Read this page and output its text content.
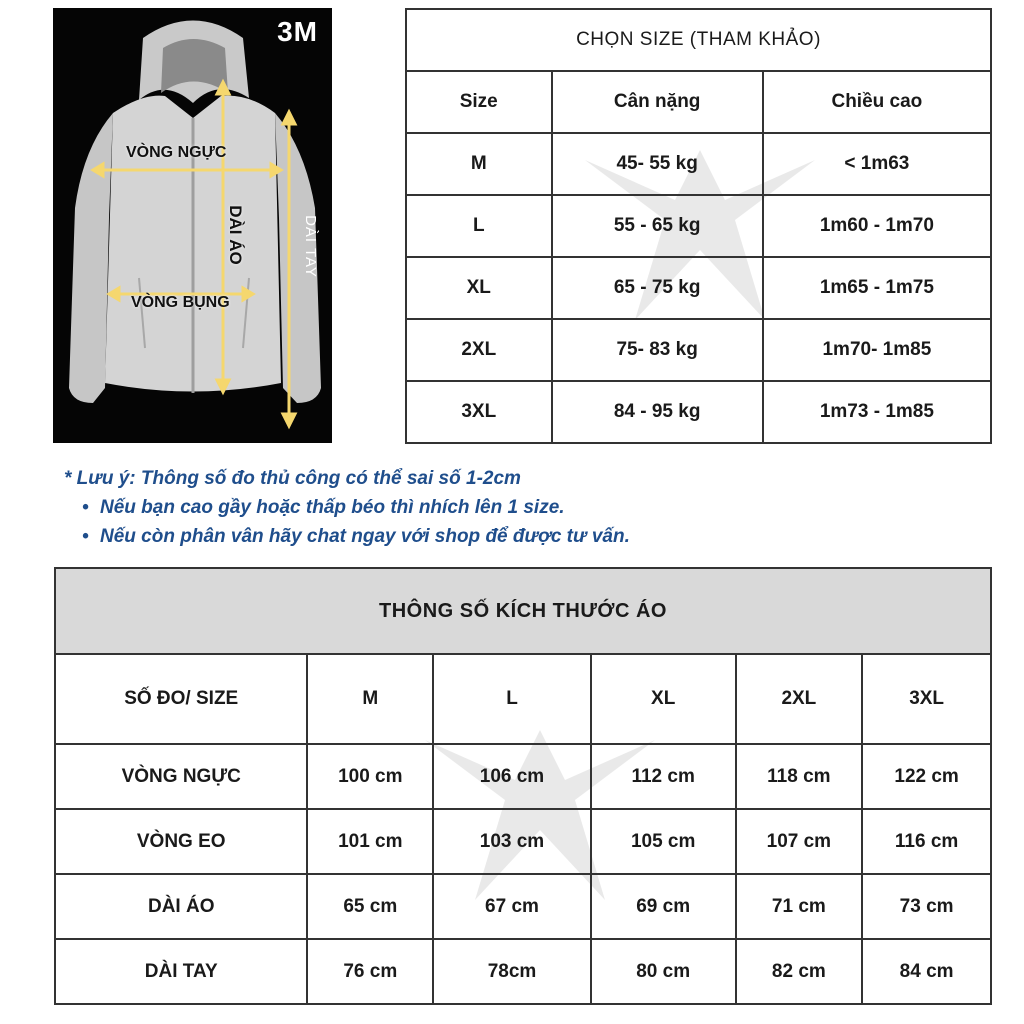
3M
VÒNG NGỰC
VÒNG BỤNG
DÀI ÁO	DÀI TAY
CHỌN SIZE (THAM KHẢO)		
Size	Cân nặng	Chiều cao
M	45- 55 kg	< 1m63
L	55 - 65 kg	1m60 - 1m70
XL	65 - 75 kg	1m65 - 1m75
2XL	75- 83 kg	1m70- 1m85
3XL	84 - 95 kg	1m73 - 1m85
* Lưu ý: Thông số đo thủ công có thể sai số 1-2cm
• Nếu bạn cao gầy hoặc thấp béo thì nhích lên 1 size.
• Nếu còn phân vân hãy chat ngay với shop để được tư vấn.
THÔNG SỐ KÍCH THƯỚC ÁO					
SỐ ĐO/ SIZE	M	L	XL	2XL	3XL
VÒNG NGỰC	100 cm	106 cm	112 cm	118 cm	122 cm
VÒNG EO	101 cm	103 cm	105 cm	107 cm	116 cm
DÀI ÁO	65 cm	67 cm	69 cm	71 cm	73 cm
DÀI TAY	76 cm	78cm	80 cm	82 cm	84 cm
